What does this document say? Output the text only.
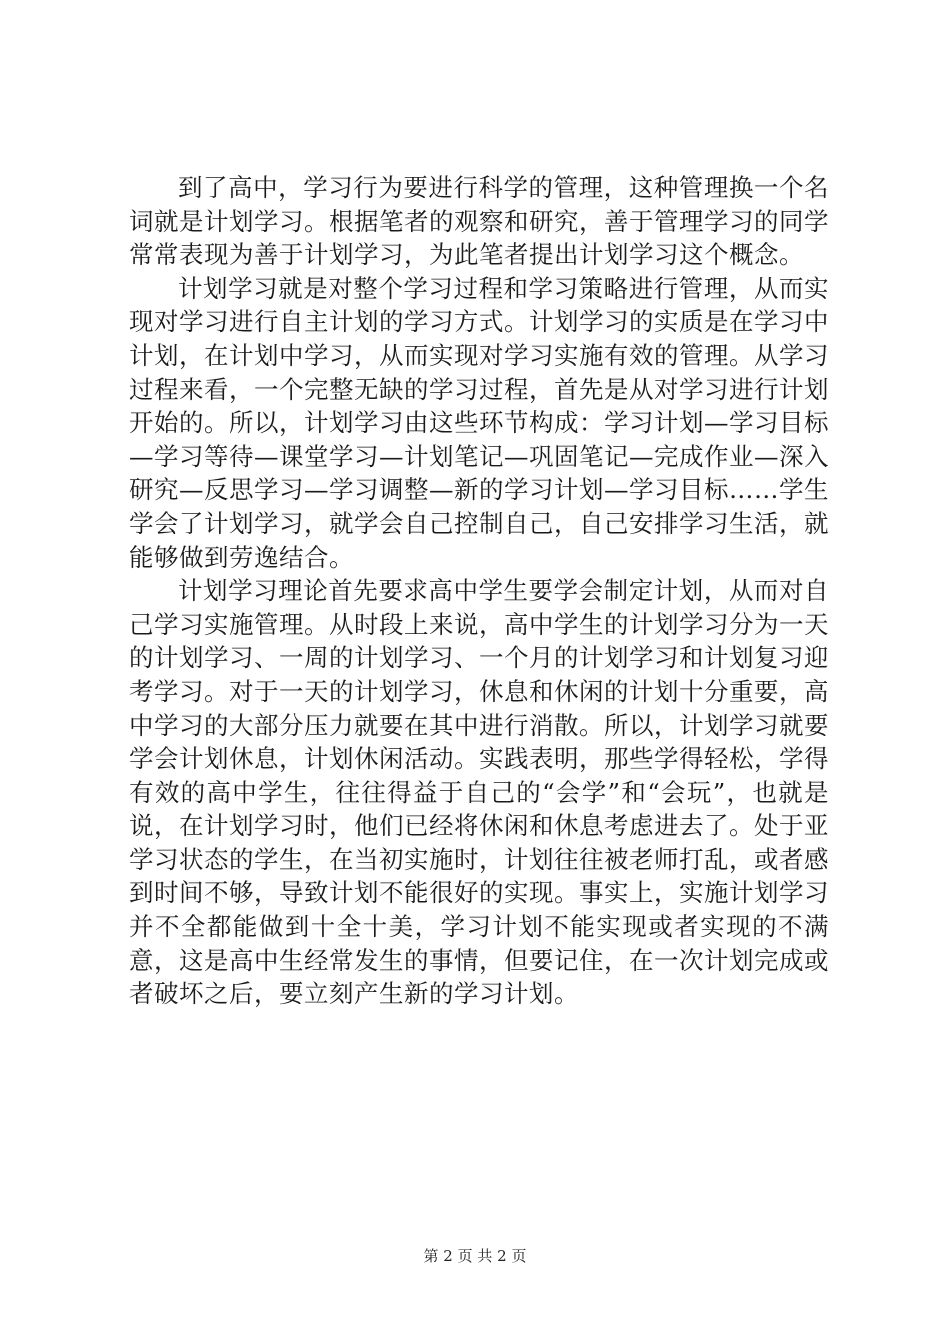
到了高中，学习行为要进行科学的管理，这种管理换一个名词就是计划学习。根据笔者的观察和研究，善于管理学习的同学常常表现为善于计划学习，为此笔者提出计划学习这个概念。

计划学习就是对整个学习过程和学习策略进行管理，从而实现对学习进行自主计划的学习方式。计划学习的实质是在学习中计划，在计划中学习，从而实现对学习实施有效的管理。从学习过程来看，一个完整无缺的学习过程，首先是从对学习进行计划开始的。所以，计划学习由这些环节构成：学习计划—学习目标—学习等待—课堂学习—计划笔记—巩固笔记—完成作业—深入研究—反思学习—学习调整—新的学习计划—学习目标……学生学会了计划学习，就学会自己控制自己，自己安排学习生活，就能够做到劳逸结合。

计划学习理论首先要求高中学生要学会制定计划，从而对自己学习实施管理。从时段上来说，高中学生的计划学习分为一天的计划学习、一周的计划学习、一个月的计划学习和计划复习迎考学习。对于一天的计划学习，休息和休闲的计划十分重要，高中学习的大部分压力就要在其中进行消散。所以，计划学习就要学会计划休息，计划休闲活动。实践表明，那些学得轻松，学得有效的高中学生，往往得益于自己的“会学”和“会玩”，也就是说，在计划学习时，他们已经将休闲和休息考虑进去了。处于亚学习状态的学生，在当初实施时，计划往往被老师打乱，或者感到时间不够，导致计划不能很好的实现。事实上，实施计划学习并不全都能做到十全十美，学习计划不能实现或者实现的不满意，这是高中生经常发生的事情，但要记住，在一次计划完成或者破坏之后，要立刻产生新的学习计划。

第 2 页 共 2 页
